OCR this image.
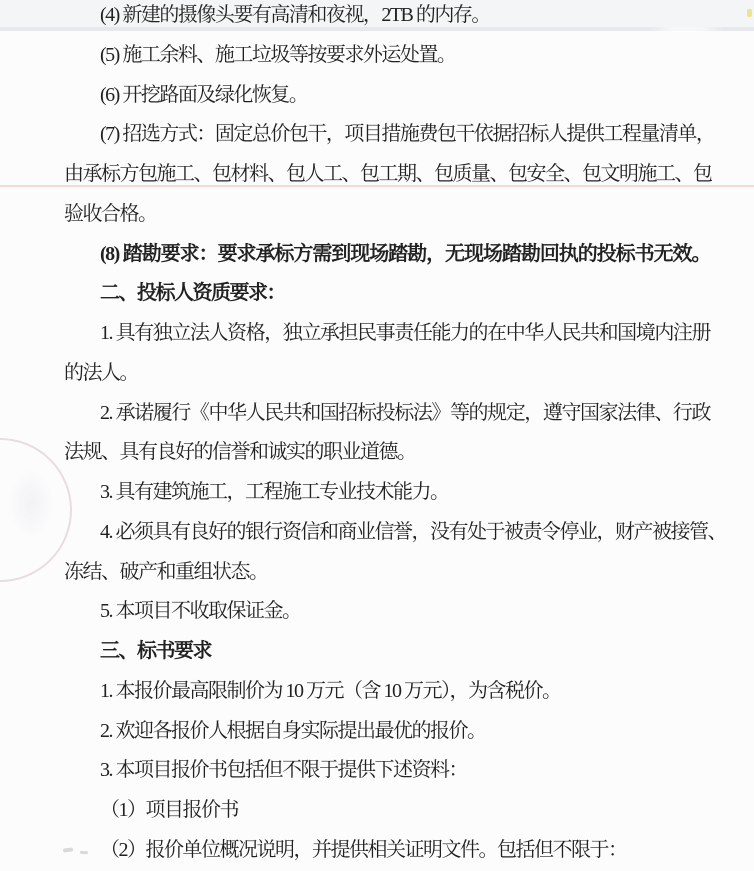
(4) 新建的摄像头要有高清和夜视，2TB 的内存。
(5) 施工余料、施工垃圾等按要求外运处置。
(6) 开挖路面及绿化恢复。
(7) 招选方式：固定总价包干，项目措施费包干依据招标人提供工程量清单，
由承标方包施工、包材料、包人工、包工期、包质量、包安全、包文明施工、包
验收合格。
(8) 踏勘要求：要求承标方需到现场踏勘，无现场踏勘回执的投标书无效。
二、投标人资质要求：
1. 具有独立法人资格，独立承担民事责任能力的在中华人民共和国境内注册
的法人。
2. 承诺履行《中华人民共和国招标投标法》等的规定，遵守国家法律、行政
法规、具有良好的信誉和诚实的职业道德。
3. 具有建筑施工，工程施工专业技术能力。
4. 必须具有良好的银行资信和商业信誉，没有处于被责令停业，财产被接管、
冻结、破产和重组状态。
5. 本项目不收取保证金。
三、标书要求
1. 本报价最高限制价为 10 万元（含 10 万元），为含税价。
2. 欢迎各报价人根据自身实际提出最优的报价。
3. 本项目报价书包括但不限于提供下述资料：
（1）项目报价书
（2）报价单位概况说明，并提供相关证明文件。包括但不限于：
